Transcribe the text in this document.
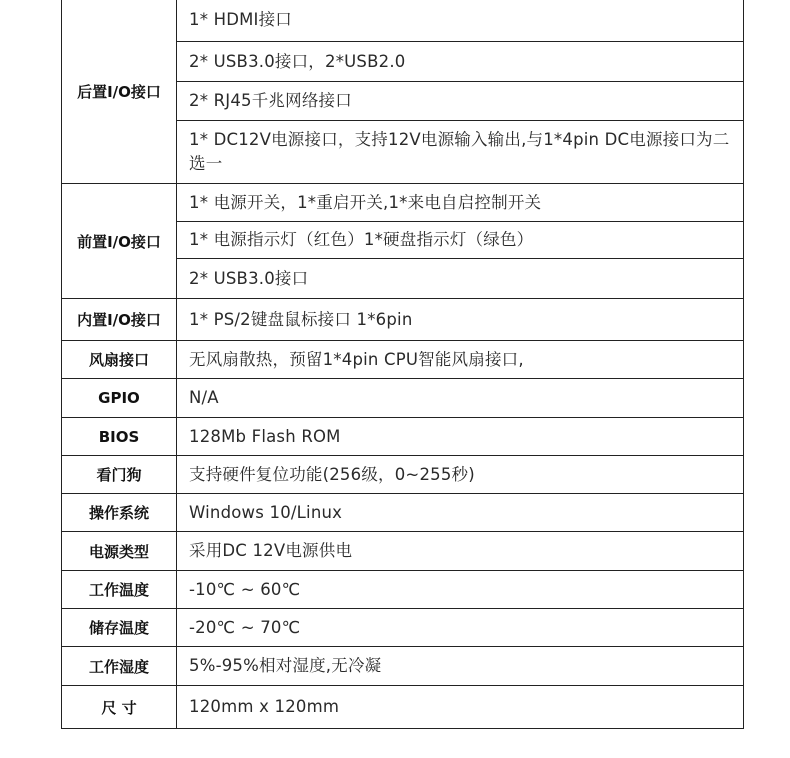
后置I/O接口	1* HDMI接口
	2* USB3.0接口，2*USB2.0
	2* RJ45千兆网络接口
	1* DC12V电源接口，支持12V电源输入输出,与1*4pin DC电源接口为二选一
前置I/O接口	1* 电源开关，1*重启开关,1*来电自启控制开关
	1* 电源指示灯（红色）1*硬盘指示灯（绿色）
	2* USB3.0接口
内置I/O接口	1* PS/2键盘鼠标接口 1*6pin
风扇接口	无风扇散热，预留1*4pin CPU智能风扇接口,
GPIO	N/A
BIOS	128Mb Flash ROM
看门狗	支持硬件复位功能(256级，0~255秒)
操作系统	Windows 10/Linux
电源类型	采用DC 12V电源供电
工作温度	-10℃ ~ 60℃
储存温度	-20℃ ~ 70℃
工作湿度	5%-95%相对湿度,无冷凝
尺 寸	120mm x 120mm
